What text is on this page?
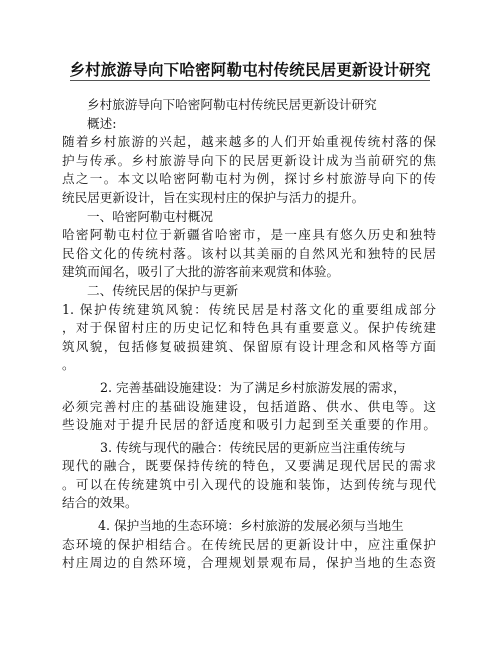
乡村旅游导向下哈密阿勒屯村传统民居更新设计研究
乡村旅游导向下哈密阿勒屯村传统民居更新设计研究
概述:
随着乡村旅游的兴起，越来越多的人们开始重视传统村落的保
护与传承。乡村旅游导向下的民居更新设计成为当前研究的焦
点之一。本文以哈密阿勒屯村为例，探讨乡村旅游导向下的传
统民居更新设计，旨在实现村庄的保护与活力的提升。
一、哈密阿勒屯村概况
哈密阿勒屯村位于新疆省哈密市，是一座具有悠久历史和独特
民俗文化的传统村落。该村以其美丽的自然风光和独特的民居
建筑而闻名，吸引了大批的游客前来观赏和体验。
二、传统民居的保护与更新
1. 保护传统建筑风貌：传统民居是村落文化的重要组成部分
，对于保留村庄的历史记忆和特色具有重要意义。保护传统建
筑风貌，包括修复破损建筑、保留原有设计理念和风格等方面
。
2. 完善基础设施建设：为了满足乡村旅游发展的需求，
必须完善村庄的基础设施建设，包括道路、供水、供电等。这
些设施对于提升民居的舒适度和吸引力起到至关重要的作用。
3. 传统与现代的融合：传统民居的更新应当注重传统与
现代的融合，既要保持传统的特色，又要满足现代居民的需求
。可以在传统建筑中引入现代的设施和装饰，达到传统与现代
结合的效果。
4. 保护当地的生态环境：乡村旅游的发展必须与当地生
态环境的保护相结合。在传统民居的更新设计中，应注重保护
村庄周边的自然环境，合理规划景观布局，保护当地的生态资
